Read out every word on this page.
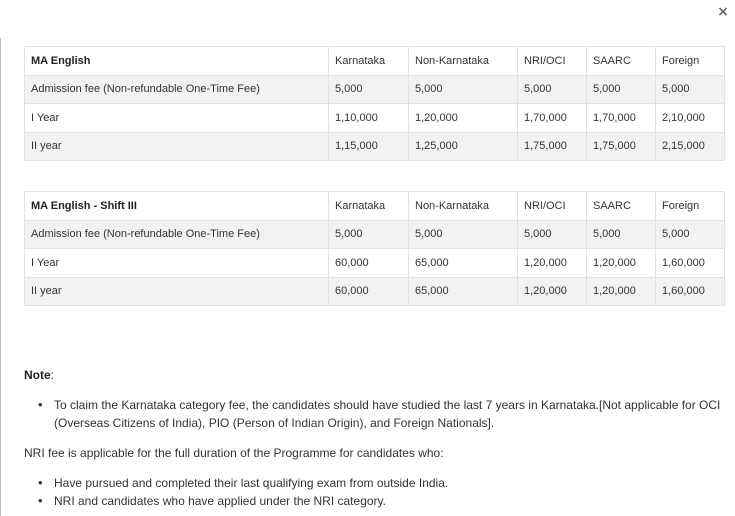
×
MA English	Karnataka	Non-Karnataka	NRI/OCI	SAARC	Foreign
Admission fee (Non-refundable One-Time Fee)	5,000	5,000	5,000	5,000	5,000
I Year	1,10,000	1,20,000	1,70,000	1,70,000	2,10,000
II year	1,15,000	1,25,000	1,75,000	1,75,000	2,15,000
MA English - Shift III	Karnataka	Non-Karnataka	NRI/OCI	SAARC	Foreign
Admission fee (Non-refundable One-Time Fee)	5,000	5,000	5,000	5,000	5,000
I Year	60,000	65,000	1,20,000	1,20,000	1,60,000
II year	60,000	65,000	1,20,000	1,20,000	1,60,000
Note:
• To claim the Karnataka category fee, the candidates should have studied the last 7 years in Karnataka.[Not applicable for OCI (Overseas Citizens of India), PIO (Person of Indian Origin), and Foreign Nationals].

NRI fee is applicable for the full duration of the Programme for candidates who:

• Have pursued and completed their last qualifying exam from outside India.
• NRI and candidates who have applied under the NRI category.
